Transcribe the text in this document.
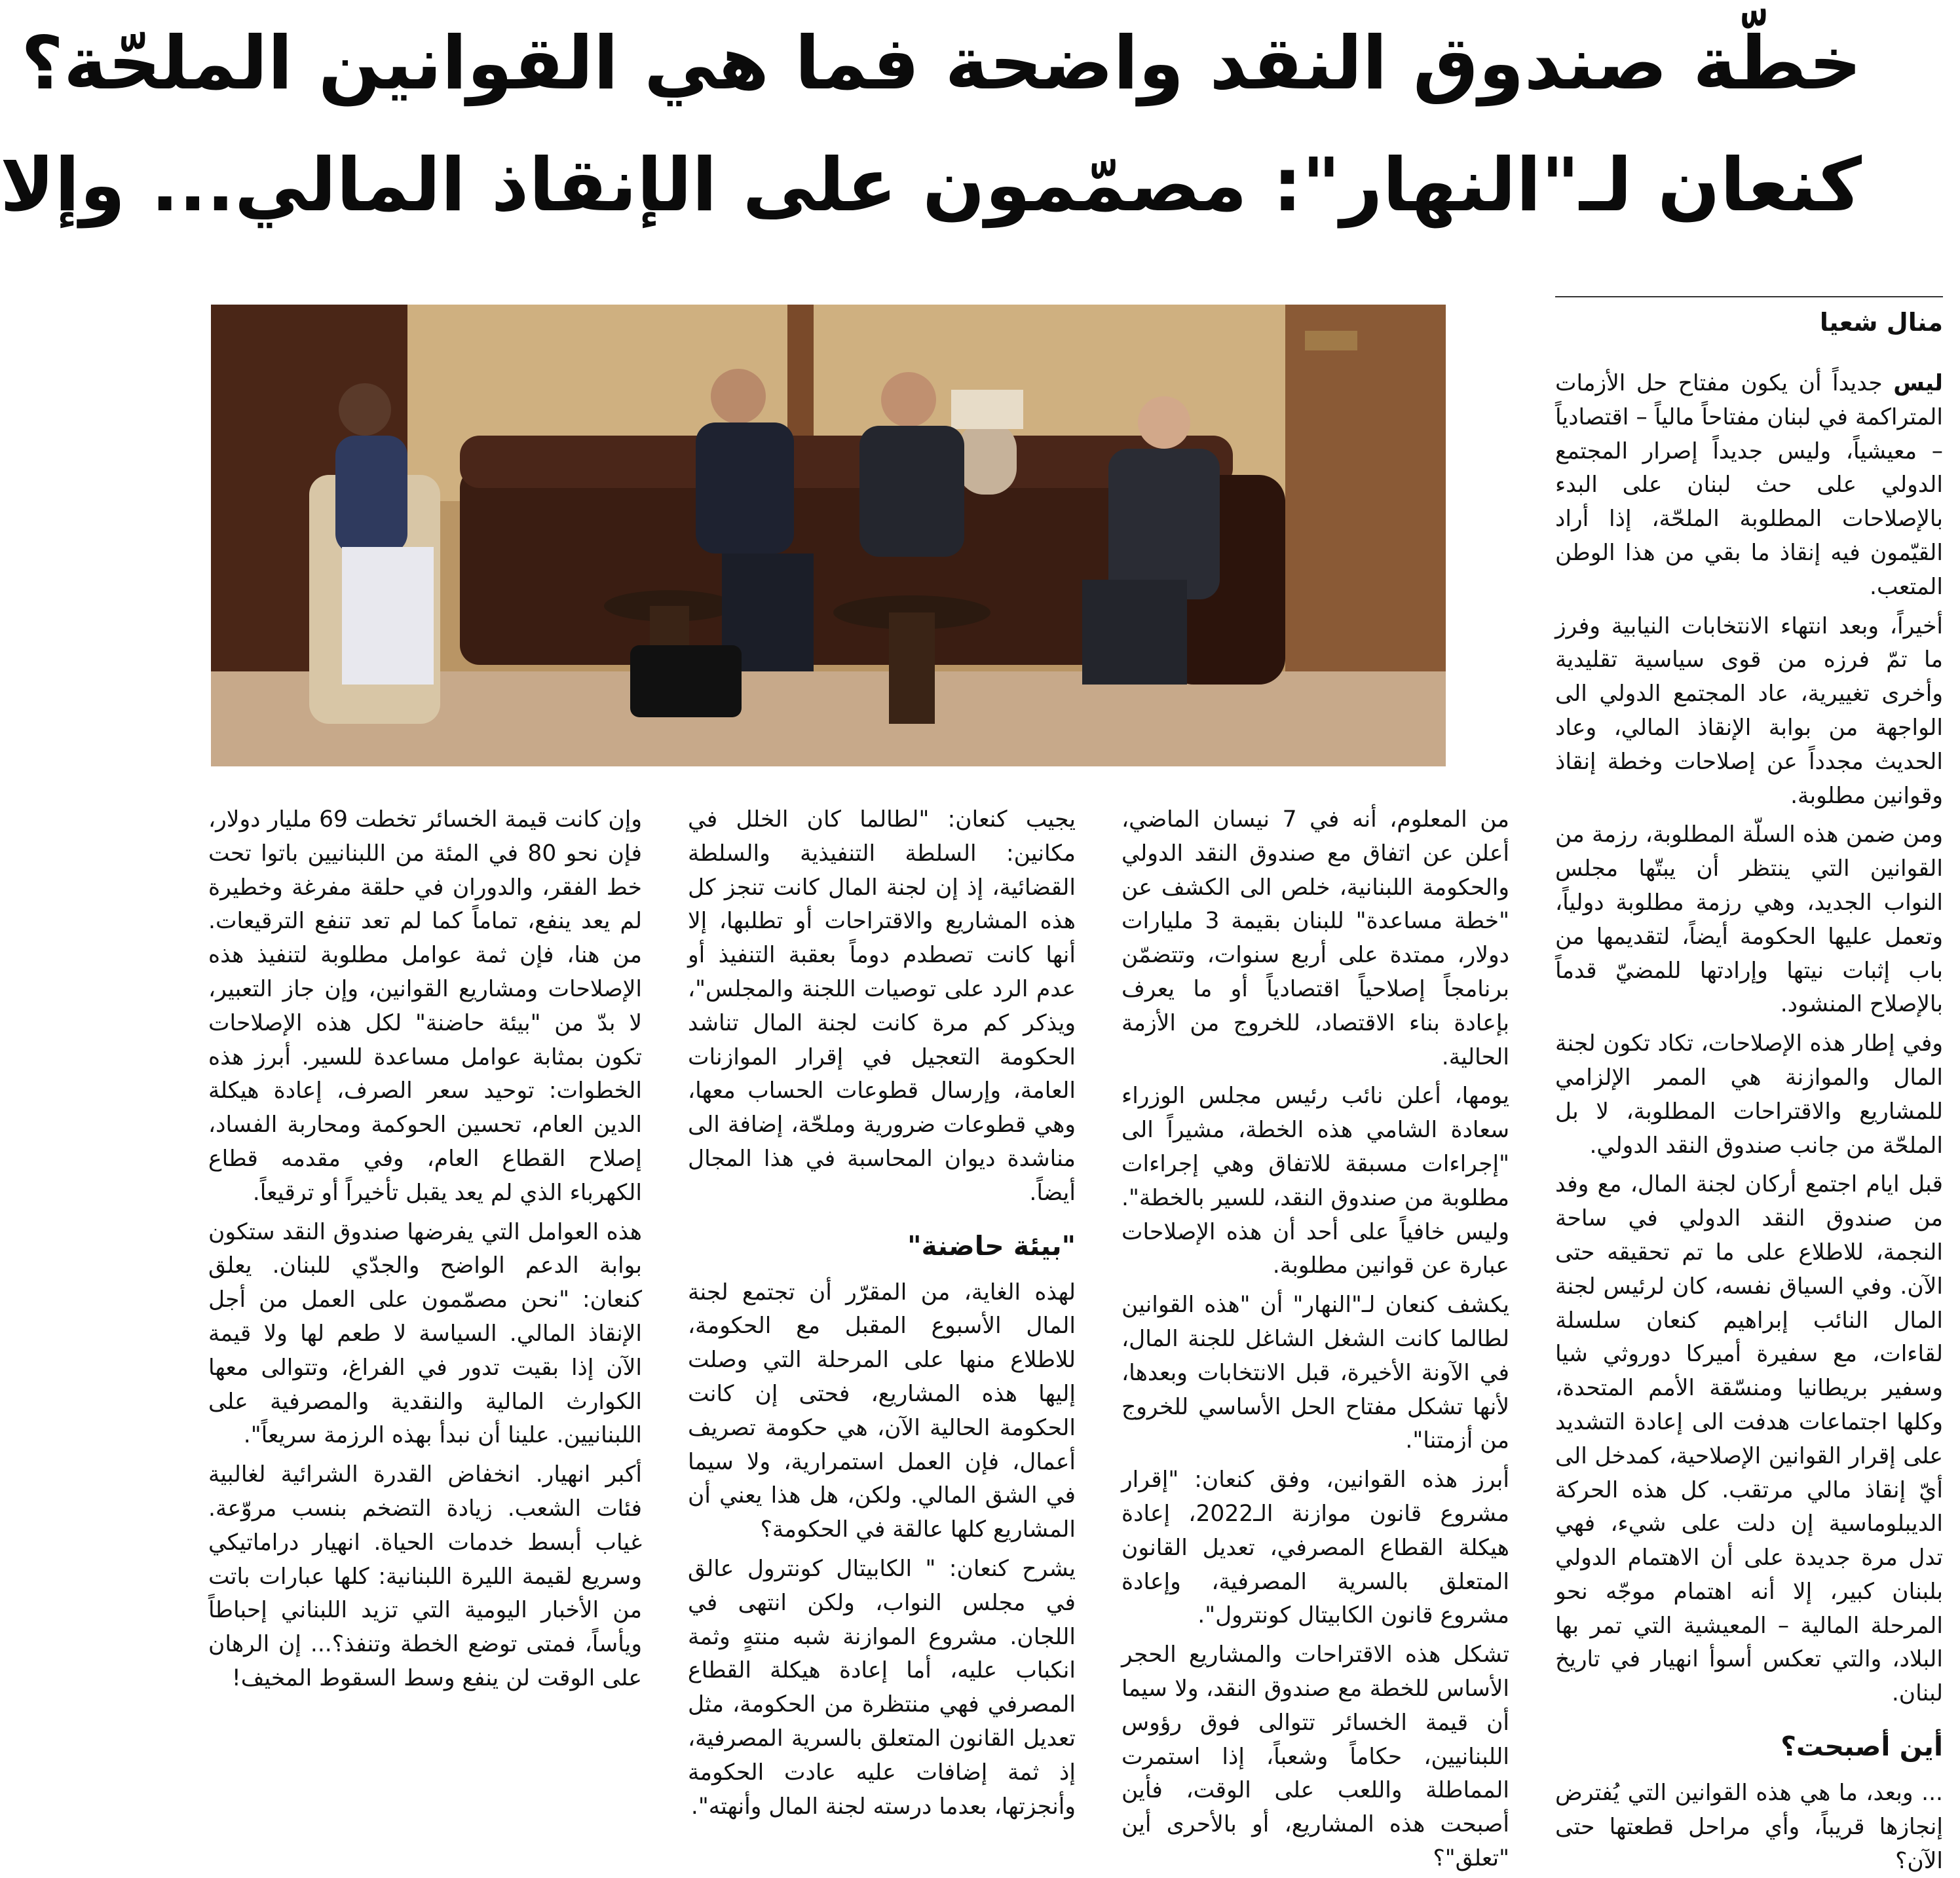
خطّة صندوق النقد واضحة فما هي القوانين الملحّة؟
كنعان لـ"النهار": مصمّمون على الإنقاذ المالي... وإلا
منال شعيا

ليس جديداً أن يكون مفتاح حل الأزمات المتراكمة في لبنان مفتاحاً مالياً – اقتصادياً – معيشياً، وليس جديداً إصرار المجتمع الدولي على حث لبنان على البدء بالإصلاحات المطلوبة الملحّة، إذا أراد القيّمون فيه إنقاذ ما بقي من هذا الوطن المتعب.

أخيراً، وبعد انتهاء الانتخابات النيابية وفرز ما تمّ فرزه من قوى سياسية تقليدية وأخرى تغييرية، عاد المجتمع الدولي الى الواجهة من بوابة الإنقاذ المالي، وعاد الحديث مجدداً عن إصلاحات وخطة إنقاذ وقوانين مطلوبة.

ومن ضمن هذه السلّة المطلوبة، رزمة من القوانين التي ينتظر أن يبتّها مجلس النواب الجديد، وهي رزمة مطلوبة دولياً، وتعمل عليها الحكومة أيضاً، لتقديمها من باب إثبات نيتها وإرادتها للمضيّ قدماً بالإصلاح المنشود.

وفي إطار هذه الإصلاحات، تكاد تكون لجنة المال والموازنة هي الممر الإلزامي للمشاريع والاقتراحات المطلوبة، لا بل الملحّة من جانب صندوق النقد الدولي.

قبل ايام اجتمع أركان لجنة المال، مع وفد من صندوق النقد الدولي في ساحة النجمة، للاطلاع على ما تم تحقيقه حتى الآن. وفي السياق نفسه، كان لرئيس لجنة المال النائب إبراهيم كنعان سلسلة لقاءات، مع سفيرة أميركا دوروثي شيا وسفير بريطانيا ومنسّقة الأمم المتحدة، وكلها اجتماعات هدفت الى إعادة التشديد على إقرار القوانين الإصلاحية، كمدخل الى أيّ إنقاذ مالي مرتقب. كل هذه الحركة الديبلوماسية إن دلت على شيء، فهي تدل مرة جديدة على أن الاهتمام الدولي بلبنان كبير، إلا أنه اهتمام موجّه نحو المرحلة المالية – المعيشية التي تمر بها البلاد، والتي تعكس أسوأ انهيار في تاريخ لبنان.

أين أصبحت؟

... وبعد، ما هي هذه القوانين التي يُفترض إنجازها قريباً، وأي مراحل قطعتها حتى الآن؟

من المعلوم، أنه في 7 نيسان الماضي، أعلن عن اتفاق مع صندوق النقد الدولي والحكومة اللبنانية، خلص الى الكشف عن "خطة مساعدة" للبنان بقيمة 3 مليارات دولار، ممتدة على أربع سنوات، وتتضمّن برنامجاً إصلاحياً اقتصادياً أو ما يعرف بإعادة بناء الاقتصاد، للخروج من الأزمة الحالية.

يومها، أعلن نائب رئيس مجلس الوزراء سعادة الشامي هذه الخطة، مشيراً الى "إجراءات مسبقة للاتفاق وهي إجراءات مطلوبة من صندوق النقد، للسير بالخطة". وليس خافياً على أحد أن هذه الإصلاحات عبارة عن قوانين مطلوبة.

يكشف كنعان لـ"النهار" أن "هذه القوانين لطالما كانت الشغل الشاغل للجنة المال، في الآونة الأخيرة، قبل الانتخابات وبعدها، لأنها تشكل مفتاح الحل الأساسي للخروج من أزمتنا".

أبرز هذه القوانين، وفق كنعان: "إقرار مشروع قانون موازنة الـ2022، إعادة هيكلة القطاع المصرفي، تعديل القانون المتعلق بالسرية المصرفية، وإعادة مشروع قانون الكابيتال كونترول".

تشكل هذه الاقتراحات والمشاريع الحجر الأساس للخطة مع صندوق النقد، ولا سيما أن قيمة الخسائر تتوالى فوق رؤوس اللبنانيين، حكاماً وشعباً، إذا استمرت المماطلة واللعب على الوقت، فأين أصبحت هذه المشاريع، أو بالأحرى أين "تعلق"؟

يجيب كنعان: "لطالما كان الخلل في مكانين: السلطة التنفيذية والسلطة القضائية، إذ إن لجنة المال كانت تنجز كل هذه المشاريع والاقتراحات أو تطلبها، إلا أنها كانت تصطدم دوماً بعقبة التنفيذ أو عدم الرد على توصيات اللجنة والمجلس"، ويذكر كم مرة كانت لجنة المال تناشد الحكومة التعجيل في إقرار الموازنات العامة، وإرسال قطوعات الحساب معها، وهي قطوعات ضرورية وملحّة، إضافة الى مناشدة ديوان المحاسبة في هذا المجال أيضاً.

"بيئة حاضنة"

لهذه الغاية، من المقرّر أن تجتمع لجنة المال الأسبوع المقبل مع الحكومة، للاطلاع منها على المرحلة التي وصلت إليها هذه المشاريع، فحتى إن كانت الحكومة الحالية الآن، هي حكومة تصريف أعمال، فإن العمل استمرارية، ولا سيما في الشق المالي. ولكن، هل هذا يعني أن المشاريع كلها عالقة في الحكومة؟

يشرح كنعان: " الكابيتال كونترول عالق في مجلس النواب، ولكن انتهى في اللجان. مشروع الموازنة شبه منتهٍ وثمة انكباب عليه، أما إعادة هيكلة القطاع المصرفي فهي منتظرة من الحكومة، مثل تعديل القانون المتعلق بالسرية المصرفية، إذ ثمة إضافات عليه عادت الحكومة وأنجزتها، بعدما درسته لجنة المال وأنهته".

وإن كانت قيمة الخسائر تخطت 69 مليار دولار، فإن نحو 80 في المئة من اللبنانيين باتوا تحت خط الفقر، والدوران في حلقة مفرغة وخطيرة لم يعد ينفع، تماماً كما لم تعد تنفع الترقيعات. من هنا، فإن ثمة عوامل مطلوبة لتنفيذ هذه الإصلاحات ومشاريع القوانين، وإن جاز التعبير، لا بدّ من "بيئة حاضنة" لكل هذه الإصلاحات تكون بمثابة عوامل مساعدة للسير. أبرز هذه الخطوات: توحيد سعر الصرف، إعادة هيكلة الدين العام، تحسين الحوكمة ومحاربة الفساد، إصلاح القطاع العام، وفي مقدمه قطاع الكهرباء الذي لم يعد يقبل تأخيراً أو ترقيعاً.

هذه العوامل التي يفرضها صندوق النقد ستكون بوابة الدعم الواضح والجدّي للبنان. يعلق كنعان: "نحن مصمّمون على العمل من أجل الإنقاذ المالي. السياسة لا طعم لها ولا قيمة الآن إذا بقيت تدور في الفراغ، وتتوالى معها الكوارث المالية والنقدية والمصرفية على اللبنانيين. علينا أن نبدأ بهذه الرزمة سريعاً".

أكبر انهيار. انخفاض القدرة الشرائية لغالبية فئات الشعب. زيادة التضخم بنسب مروّعة. غياب أبسط خدمات الحياة. انهيار دراماتيكي وسريع لقيمة الليرة اللبنانية: كلها عبارات باتت من الأخبار اليومية التي تزيد اللبناني إحباطاً ويأساً، فمتى توضع الخطة وتنفذ؟... إن الرهان على الوقت لن ينفع وسط السقوط المخيف!
